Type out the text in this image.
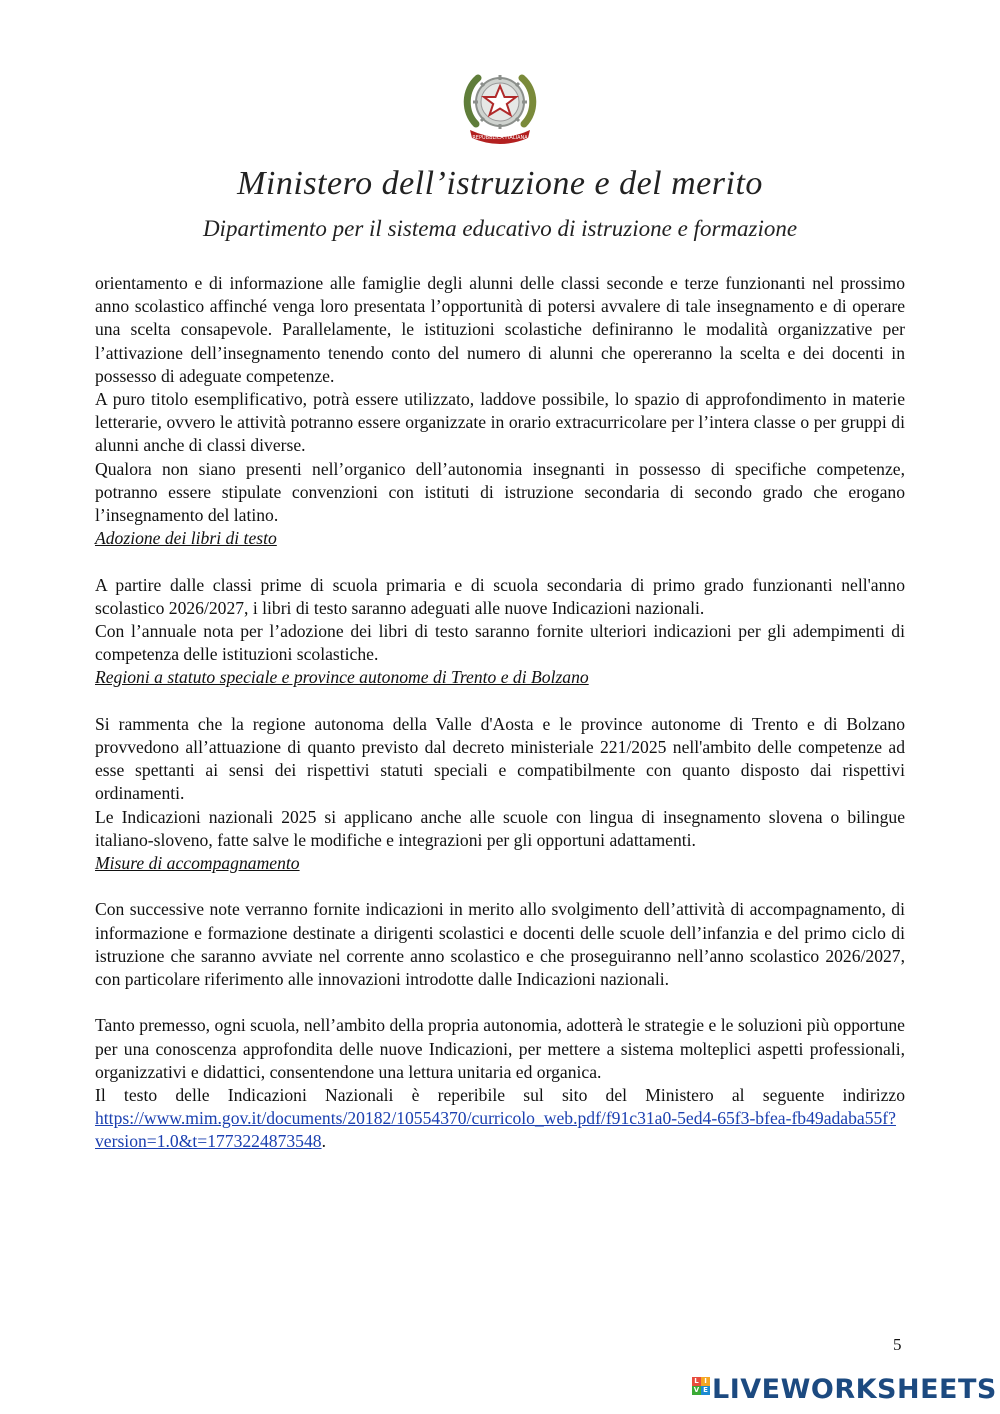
REPUBBLICA ITALIANA
Ministero dell’istruzione e del merito
Dipartimento per il sistema educativo di istruzione e formazione

orientamento e di informazione alle famiglie degli alunni delle classi seconde e terze funzionanti nel prossimo anno scolastico affinché venga loro presentata l’opportunità di potersi avvalere di tale insegnamento e di operare una scelta consapevole. Parallelamente, le istituzioni scolastiche definiranno le modalità organizzative per l’attivazione dell’insegnamento tenendo conto del numero di alunni che opereranno la scelta e dei docenti in possesso di adeguate competenze.

A puro titolo esemplificativo, potrà essere utilizzato, laddove possibile, lo spazio di approfondimento in materie letterarie, ovvero le attività potranno essere organizzate in orario extracurricolare per l’intera classe o per gruppi di alunni anche di classi diverse.

Qualora non siano presenti nell’organico dell’autonomia insegnanti in possesso di specifiche competenze, potranno essere stipulate convenzioni con istituti di istruzione secondaria di secondo grado che erogano l’insegnamento del latino.

Adozione dei libri di testo

A partire dalle classi prime di scuola primaria e di scuola secondaria di primo grado funzionanti nell'anno scolastico 2026/2027, i libri di testo saranno adeguati alle nuove Indicazioni nazionali.

Con l’annuale nota per l’adozione dei libri di testo saranno fornite ulteriori indicazioni per gli adempimenti di competenza delle istituzioni scolastiche.

Regioni a statuto speciale e province autonome di Trento e di Bolzano

Si rammenta che la regione autonoma della Valle d'Aosta e le province autonome di Trento e di Bolzano provvedono all’attuazione di quanto previsto dal decreto ministeriale 221/2025 nell'ambito delle competenze ad esse spettanti ai sensi dei rispettivi statuti speciali e compatibilmente con quanto disposto dai rispettivi ordinamenti.

Le Indicazioni nazionali 2025 si applicano anche alle scuole con lingua di insegnamento slovena o bilingue italiano-sloveno, fatte salve le modifiche e integrazioni per gli opportuni adattamenti.

Misure di accompagnamento

Con successive note verranno fornite indicazioni in merito allo svolgimento dell’attività di accompagnamento, di informazione e formazione destinate a dirigenti scolastici e docenti delle scuole dell’infanzia e del primo ciclo di istruzione che saranno avviate nel corrente anno scolastico e che proseguiranno nell’anno scolastico 2026/2027, con particolare riferimento alle innovazioni introdotte dalle Indicazioni nazionali.

Tanto premesso, ogni scuola, nell’ambito della propria autonomia, adotterà le strategie e le soluzioni più opportune per una conoscenza approfondita delle nuove Indicazioni, per mettere a sistema molteplici aspetti professionali, organizzativi e didattici, consentendone una lettura unitaria ed organica.

Il testo delle Indicazioni Nazionali è reperibile sul sito del Ministero al seguente indirizzo https://www.mim.gov.it/documents/20182/10554370/curricolo_web.pdf/f91c31a0-5ed4-65f3-bfea-fb49adaba55f?version=1.0&t=1773224873548.

5
L I
V E LIVEWORKSHEETS
